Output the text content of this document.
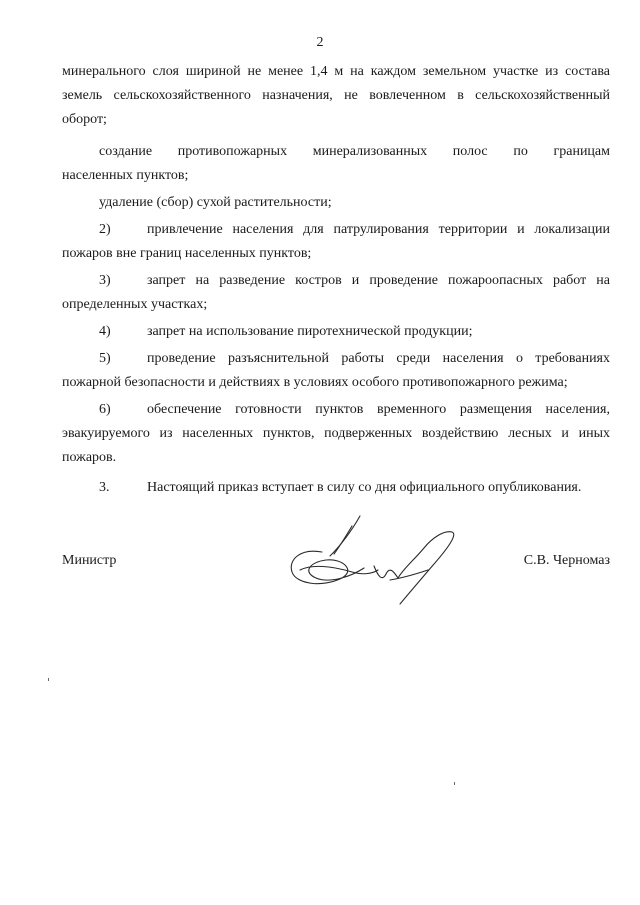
2
минерального слоя шириной не менее 1,4 м на каждом земельном участке из состава
земель сельскохозяйственного назначения, не вовлеченном в сельскохозяйственный
оборот;
создание противопожарных минерализованных полос по границам
населенных пунктов;
удаление (сбор) сухой растительности;
2)	привлечение населения для патрулирования территории и локализации
пожаров вне границ населенных пунктов;
3)	запрет на разведение костров и проведение пожароопасных работ на
определенных участках;
4)	запрет на использование пиротехнической продукции;
5)	проведение разъяснительной работы среди населения о требованиях
пожарной безопасности и действиях в условиях особого противопожарного режима;
6)	обеспечение готовности пунктов временного размещения населения,
эвакуируемого из населенных пунктов, подверженных воздействию лесных и иных пожаров.
3.	Настоящий приказ вступает в силу со дня официального опубликования.
Министр	С.В. Черномаз
